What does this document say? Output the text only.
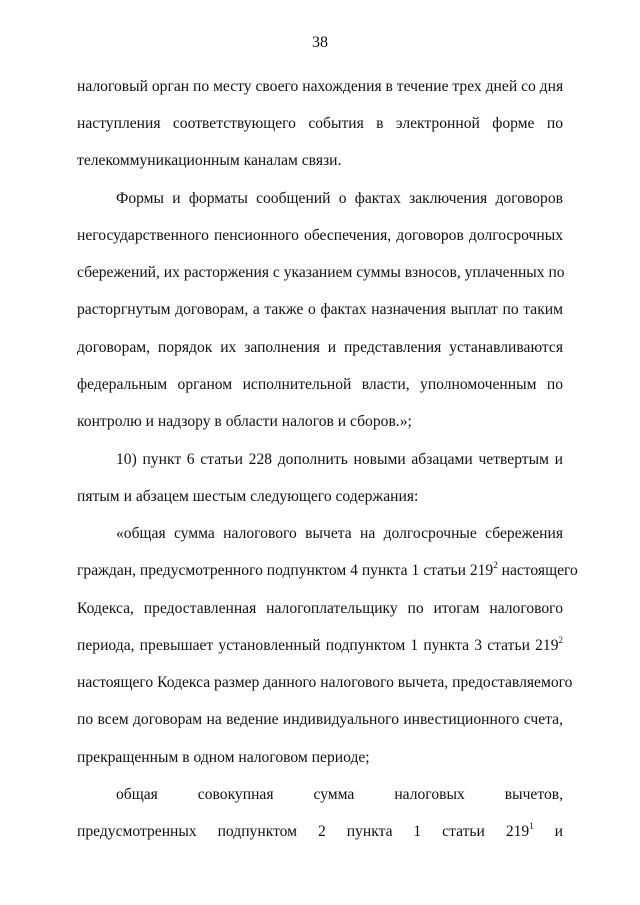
38
налоговый орган по месту своего нахождения в течение трех дней со дня
наступления соответствующего события в электронной форме по
телекоммуникационным каналам связи.
Формы и форматы сообщений о фактах заключения договоров
негосударственного пенсионного обеспечения, договоров долгосрочных
сбережений, их расторжения с указанием суммы взносов, уплаченных по
расторгнутым договорам, а также о фактах назначения выплат по таким
договорам, порядок их заполнения и представления устанавливаются
федеральным органом исполнительной власти, уполномоченным по
контролю и надзору в области налогов и сборов.»;
10) пункт 6 статьи 228 дополнить новыми абзацами четвертым и
пятым и абзацем шестым следующего содержания:
«общая сумма налогового вычета на долгосрочные сбережения
граждан, предусмотренного подпунктом 4 пункта 1 статьи $219^2$ настоящего
Кодекса, предоставленная налогоплательщику по итогам налогового
периода, превышает установленный подпунктом 1 пункта 3 статьи $219^2$
настоящего Кодекса размер данного налогового вычета, предоставляемого
по всем договорам на ведение индивидуального инвестиционного счета,
прекращенным в одном налоговом периоде;
общая совокупная сумма налоговых вычетов,
предусмотренных подпунктом 2 пункта 1 статьи $219^1$ и
